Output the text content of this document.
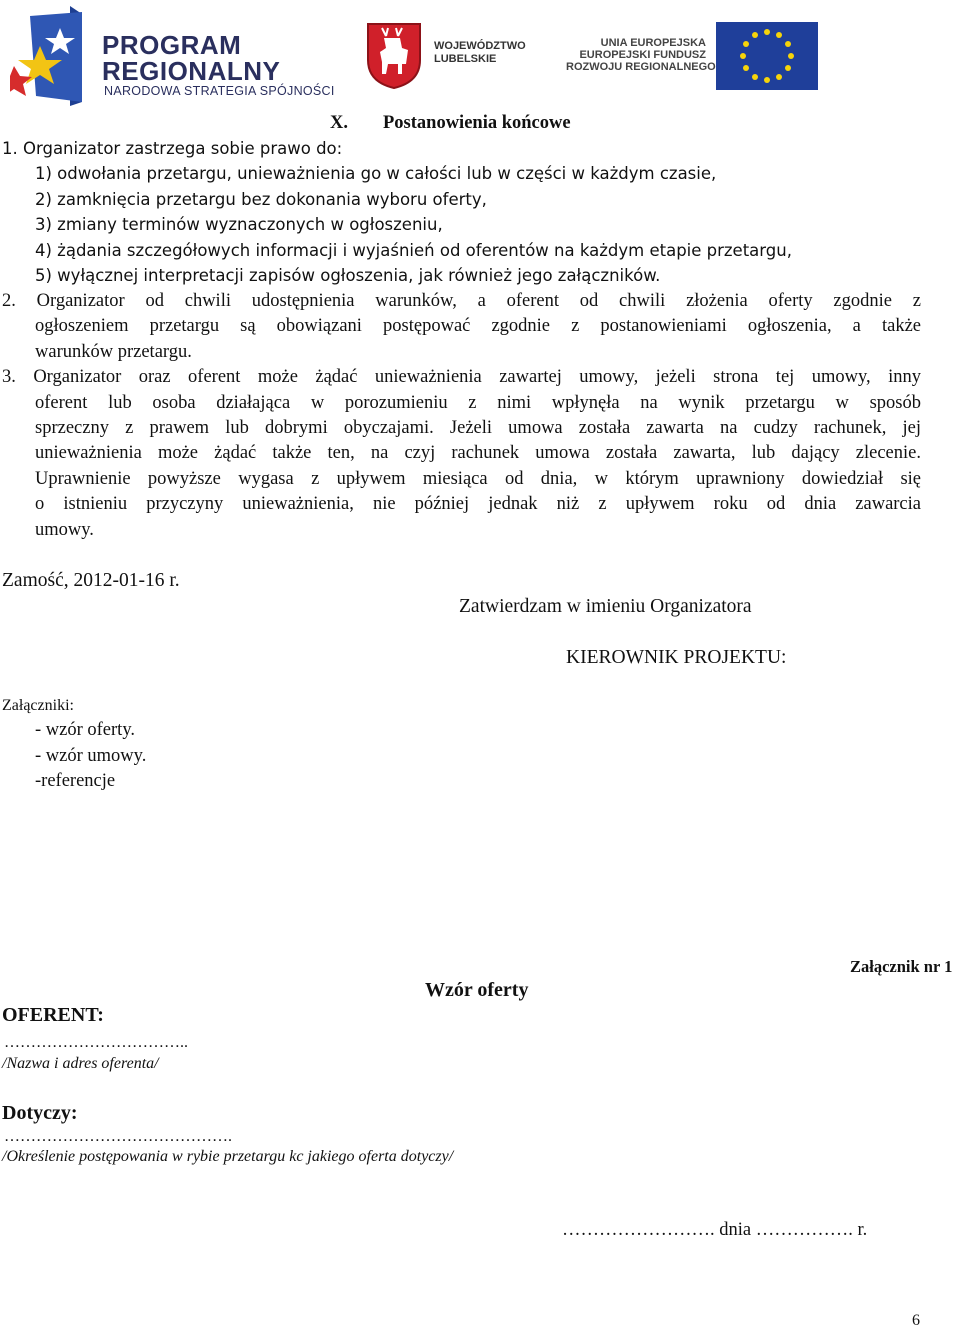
PROGRAM
REGIONALNY
NARODOWA STRATEGIA SPÓJNOŚCI
WOJEWÓDZTWO
LUBELSKIE
UNIA EUROPEJSKA
EUROPEJSKI FUNDUSZ
ROZWOJU REGIONALNEGO
X. Postanowienia końcowe
1. Organizator zastrzega sobie prawo do:
1) odwołania przetargu, unieważnienia go w całości lub w części w każdym czasie,
2) zamknięcia przetargu bez dokonania wyboru oferty,
3) zmiany terminów wyznaczonych w ogłoszeniu,
4) żądania szczegółowych informacji i wyjaśnień od oferentów na każdym etapie przetargu,
5) wyłącznej interpretacji zapisów ogłoszenia, jak również jego załączników.
2. Organizator od chwili udostępnienia warunków, a oferent od chwili złożenia oferty zgodnie z
ogłoszeniem przetargu są obowiązani postępować zgodnie z postanowieniami ogłoszenia, a także
warunków przetargu.
3. Organizator oraz oferent może żądać unieważnienia zawartej umowy, jeżeli strona tej umowy, inny
oferent lub osoba działająca w porozumieniu z nimi wpłynęła na wynik przetargu w sposób
sprzeczny z prawem lub dobrymi obyczajami. Jeżeli umowa została zawarta na cudzy rachunek, jej
unieważnienia może żądać także ten, na czyj rachunek umowa została zawarta, lub dający zlecenie.
Uprawnienie powyższe wygasa z upływem miesiąca od dnia, w którym uprawniony dowiedział się
o istnieniu przyczyny unieważnienia, nie później jednak niż z upływem roku od dnia zawarcia
umowy.
Zamość, 2012-01-16 r.
Zatwierdzam w imieniu Organizatora
KIEROWNIK PROJEKTU:
Załączniki:
- wzór oferty.
- wzór umowy.
-referencje
Załącznik nr 1
Wzór oferty
OFERENT:
……………………………..
/Nazwa i adres oferenta/
Dotyczy:
…………………………………….
/Określenie postępowania w rybie przetargu kc jakiego oferta dotyczy/
……………………. dnia ……………. r.
6
